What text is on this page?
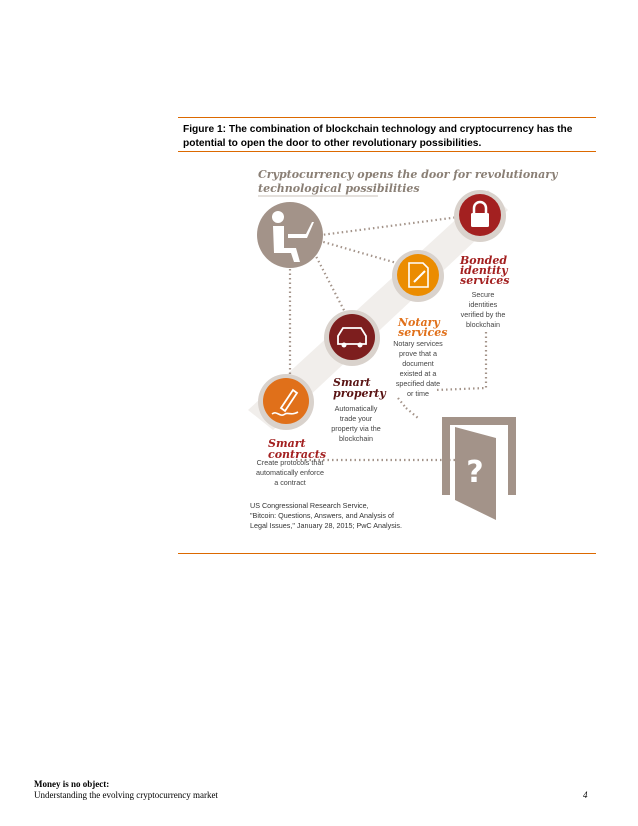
Figure 1: The combination of blockchain technology and cryptocurrency has the
potential to open the door to other revolutionary possibilities.
Cryptocurrency opens the door for revolutionary
technological possibilities
Bonded
identity
services
Secure
identities
verified by the
blockchain
Notary
services
Notary services
prove that a
document
existed at a
specified date
or time
Smart
property
Automatically
trade your
property via the
blockchain
Smart
contracts
Create protocols that
automatically enforce
a contract	?
US Congressional Research Service,
"Bitcoin: Questions, Answers, and Analysis of
Legal Issues," January 28, 2015; PwC Analysis.
Money is no object:
Understanding the evolving cryptocurrency market	4
